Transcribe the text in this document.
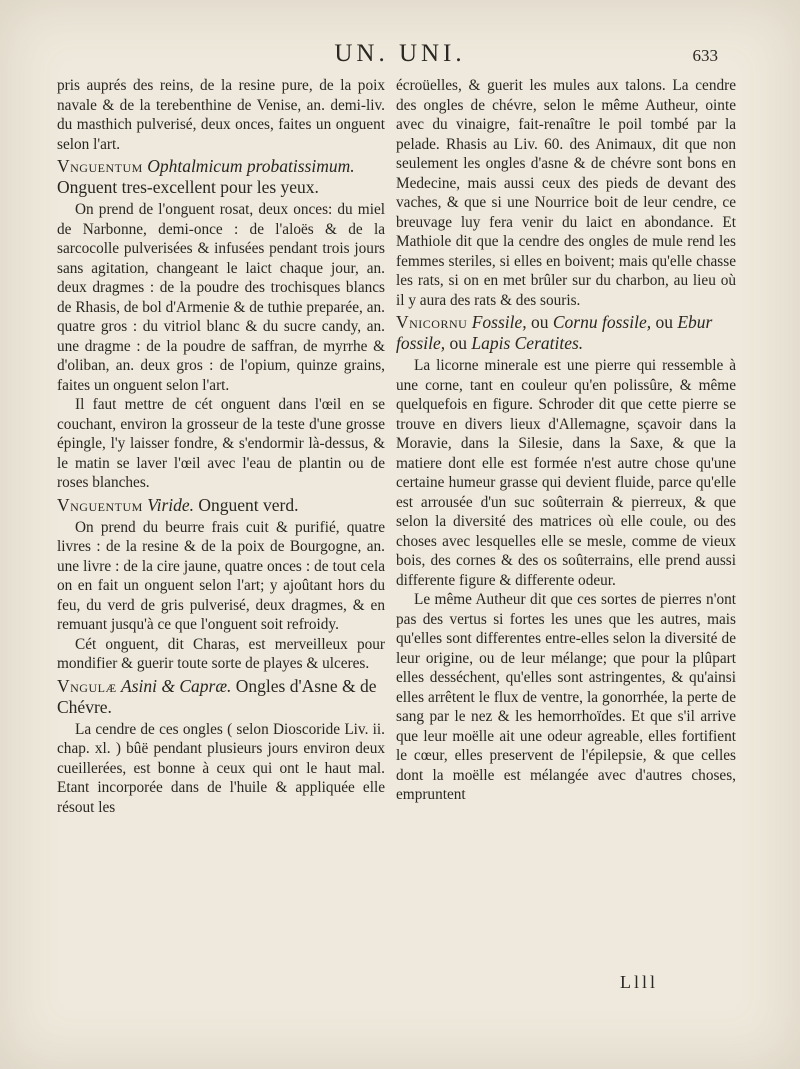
UN. UNI.	633

pris auprés des reins, de la resine pure, de la poix navale & de la terebenthine de Venise, an. demi-liv. du masthich pulverisé, deux onces, faites un onguent selon l'art.

Vnguentum Ophtalmicum probatissimum. Onguent tres-excellent pour les yeux.

On prend de l'onguent rosat, deux onces: du miel de Narbonne, demi-once : de l'aloës & de la sarcocolle pulverisées & infusées pendant trois jours sans agitation, changeant le laict chaque jour, an. deux dragmes : de la poudre des trochisques blancs de Rhasis, de bol d'Armenie & de tuthie preparée, an. quatre gros : du vitriol blanc & du sucre candy, an. une dragme : de la poudre de saffran, de myrrhe & d'oliban, an. deux gros : de l'opium, quinze grains, faites un onguent selon l'art.

Il faut mettre de cét onguent dans l'œil en se couchant, environ la grosseur de la teste d'une grosse épingle, l'y laisser fondre, & s'endormir là-dessus, & le matin se laver l'œil avec l'eau de plantin ou de roses blanches.

Vnguentum Viride. Onguent verd.

On prend du beurre frais cuit & purifié, quatre livres : de la resine & de la poix de Bourgogne, an. une livre : de la cire jaune, quatre onces : de tout cela on en fait un onguent selon l'art; y ajoûtant hors du feu, du verd de gris pulverisé, deux dragmes, & en remuant jusqu'à ce que l'onguent soit refroidy.

Cét onguent, dit Charas, est merveilleux pour mondifier & guerir toute sorte de playes & ulceres.

Vngulæ Asini & Capræ. Ongles d'Asne & de Chévre.

La cendre de ces ongles ( selon Dioscoride Liv. ii. chap. xl. ) bûë pendant plusieurs jours environ deux cueillerées, est bonne à ceux qui ont le haut mal. Etant incorporée dans de l'huile & appliquée elle résout les

écroüelles, & guerit les mules aux talons. La cendre des ongles de chévre, selon le même Autheur, ointe avec du vinaigre, fait-renaître le poil tombé par la pelade. Rhasis au Liv. 60. des Animaux, dit que non seulement les ongles d'asne & de chévre sont bons en Medecine, mais aussi ceux des pieds de devant des vaches, & que si une Nourrice boit de leur cendre, ce breuvage luy fera venir du laict en abondance. Et Mathiole dit que la cendre des ongles de mule rend les femmes steriles, si elles en boivent; mais qu'elle chasse les rats, si on en met brûler sur du charbon, au lieu où il y aura des rats & des souris.

Vnicornu Fossile, ou Cornu fossile, ou Ebur fossile, ou Lapis Ceratites.

La licorne minerale est une pierre qui ressemble à une corne, tant en couleur qu'en polissûre, & même quelquefois en figure. Schroder dit que cette pierre se trouve en divers lieux d'Allemagne, sçavoir dans la Moravie, dans la Silesie, dans la Saxe, & que la matiere dont elle est formée n'est autre chose qu'une certaine humeur grasse qui devient fluide, parce qu'elle est arrousée d'un suc soûterrain & pierreux, & que selon la diversité des matrices où elle coule, ou des choses avec lesquelles elle se mesle, comme de vieux bois, des cornes & des os soûterrains, elle prend aussi differente figure & differente odeur.

Le même Autheur dit que ces sortes de pierres n'ont pas des vertus si fortes les unes que les autres, mais qu'elles sont differentes entre-elles selon la diversité de leur origine, ou de leur mélange; que pour la plûpart elles desséchent, qu'elles sont astringentes, & qu'ainsi elles arrêtent le flux de ventre, la gonorrhée, la perte de sang par le nez & les hemorrhoïdes. Et que s'il arrive que leur moëlle ait une odeur agreable, elles fortifient le cœur, elles preservent de l'épilepsie, & que celles dont la moëlle est mélangée avec d'autres choses, empruntent

Llll
